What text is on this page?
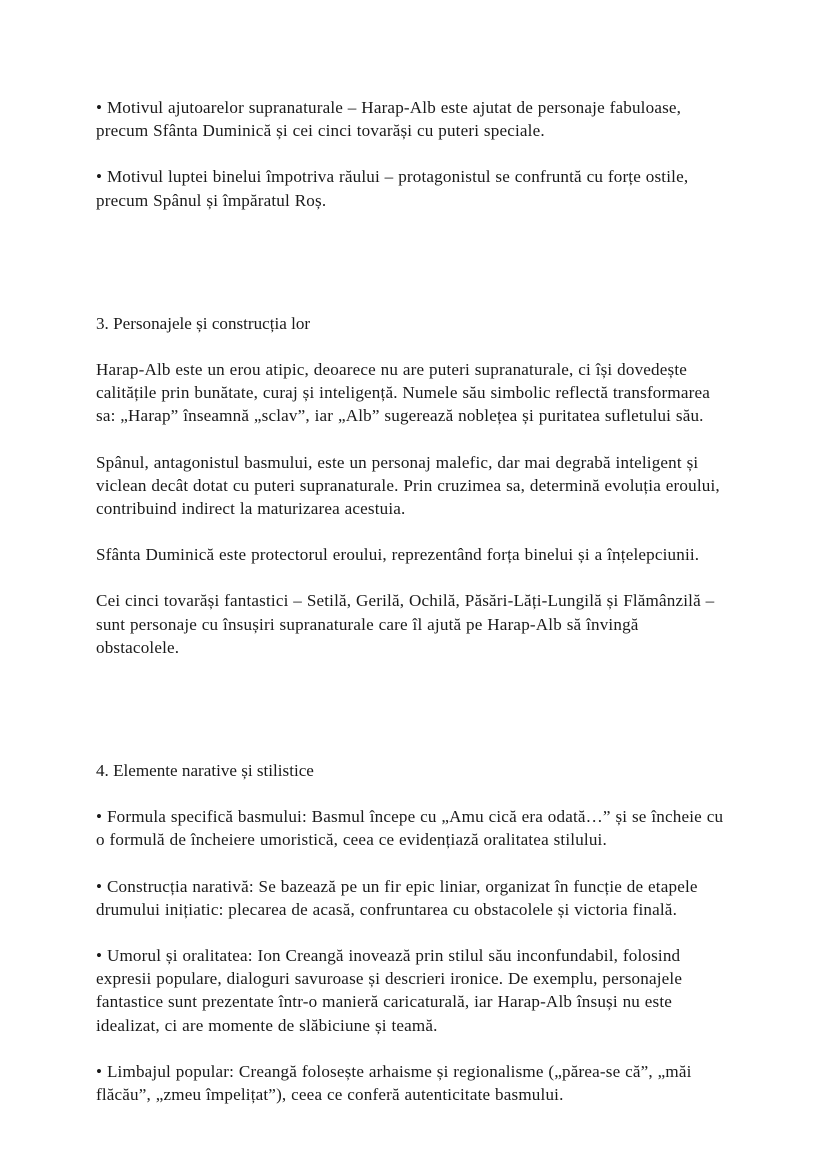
• Motivul ajutoarelor supranaturale – Harap-Alb este ajutat de personaje fabuloase, precum Sfânta Duminică și cei cinci tovarăși cu puteri speciale.

• Motivul luptei binelui împotriva răului – protagonistul se confruntă cu forțe ostile, precum Spânul și împăratul Roș.

3. Personajele și construcția lor

Harap-Alb este un erou atipic, deoarece nu are puteri supranaturale, ci își dovedește calitățile prin bunătate, curaj și inteligență. Numele său simbolic reflectă transformarea sa: „Harap” înseamnă „sclav”, iar „Alb” sugerează noblețea și puritatea sufletului său.

Spânul, antagonistul basmului, este un personaj malefic, dar mai degrabă inteligent și viclean decât dotat cu puteri supranaturale. Prin cruzimea sa, determină evoluția eroului, contribuind indirect la maturizarea acestuia.

Sfânta Duminică este protectorul eroului, reprezentând forța binelui și a înțelepciunii.

Cei cinci tovarăși fantastici – Setilă, Gerilă, Ochilă, Păsări-Lăți-Lungilă și Flămânzilă – sunt personaje cu însușiri supranaturale care îl ajută pe Harap-Alb să învingă obstacolele.

4. Elemente narative și stilistice

• Formula specifică basmului: Basmul începe cu „Amu cică era odată…” și se încheie cu o formulă de încheiere umoristică, ceea ce evidențiază oralitatea stilului.

• Construcția narativă: Se bazează pe un fir epic liniar, organizat în funcție de etapele drumului inițiatic: plecarea de acasă, confruntarea cu obstacolele și victoria finală.

• Umorul și oralitatea: Ion Creangă inovează prin stilul său inconfundabil, folosind expresii populare, dialoguri savuroase și descrieri ironice. De exemplu, personajele fantastice sunt prezentate într-o manieră caricaturală, iar Harap-Alb însuși nu este idealizat, ci are momente de slăbiciune și teamă.

• Limbajul popular: Creangă folosește arhaisme și regionalisme („părea-se că”, „măi flăcău”, „zmeu împelițat”), ceea ce conferă autenticitate basmului.
